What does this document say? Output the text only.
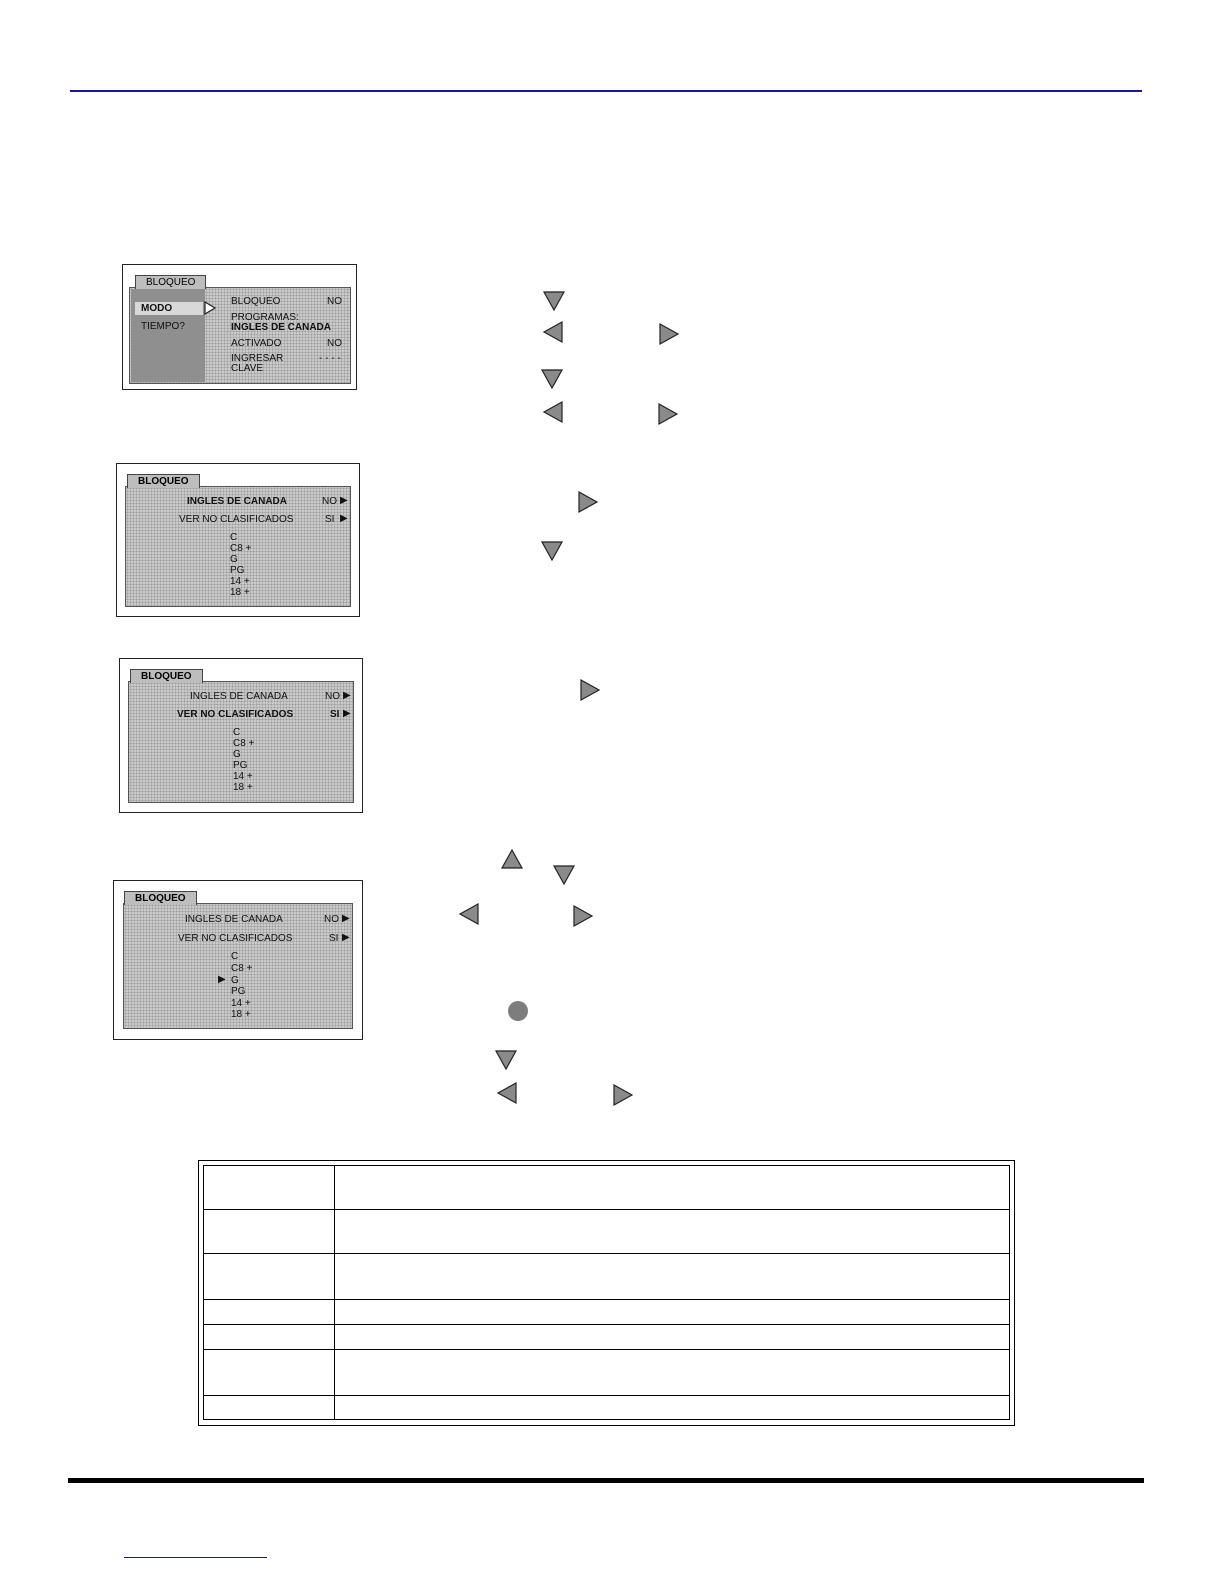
BLOQUEO
MODO
TIEMPO?
BLOQUEO	NO
PROGRAMAS:
INGLES DE CANADA
ACTIVADO	NO
INGRESAR	- - - -
CLAVE
BLOQUEO
INGLES DE CANADA	NO ▶
VER NO CLASIFICADOS	SI ▶
C
C8 +
G
PG
14 +
18 +
BLOQUEO
INGLES DE CANADA	NO ▶
VER NO CLASIFICADOS	SI ▶
C
C8 +
G
PG
14 +
18 +
BLOQUEO
INGLES DE CANADA	NO ▶
VER NO CLASIFICADOS	SI ▶
C
C8 +
▶ G
PG
14 +
18 +
